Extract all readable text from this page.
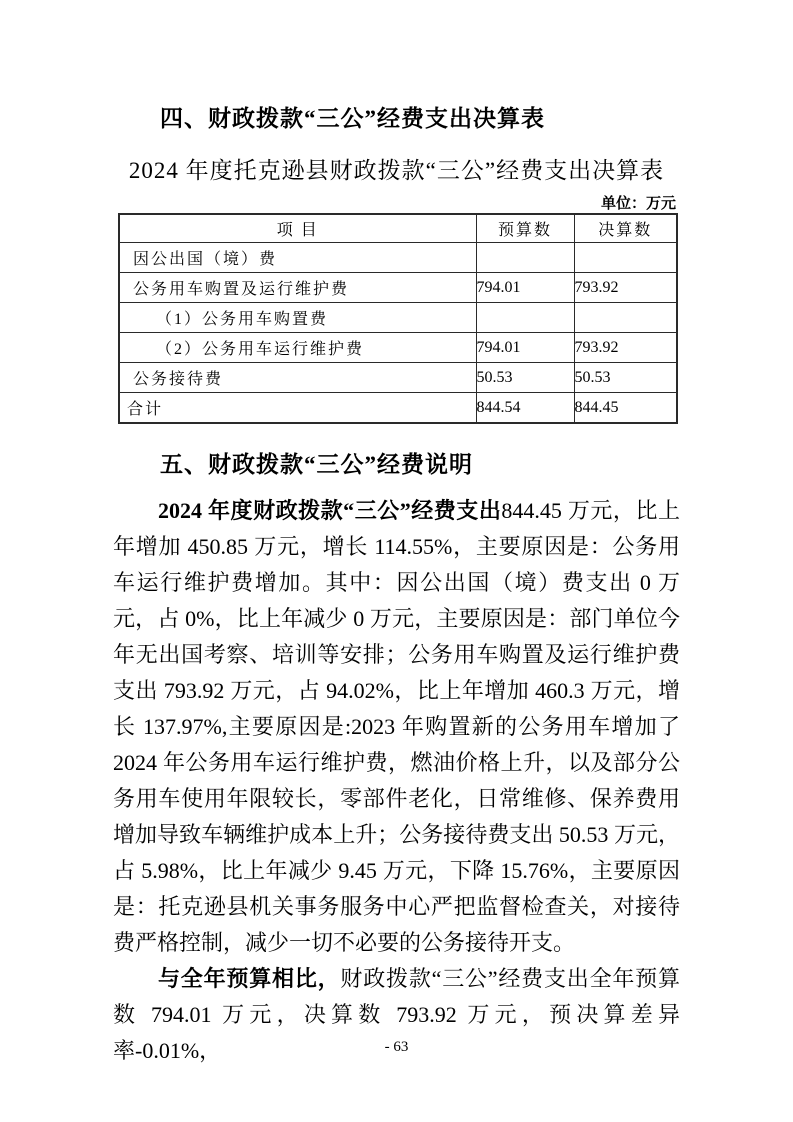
四、财政拨款“三公”经费支出决算表
2024 年度托克逊县财政拨款“三公”经费支出决算表
单位：万元
项 目	预算数	决算数
因公出国（境）费		
公务用车购置及运行维护费	794.01	793.92
（1）公务用车购置费		
（2）公务用车运行维护费	794.01	793.92
公务接待费	50.53	50.53
合计	844.54	844.45
五、财政拨款“三公”经费说明

2024 年度财政拨款“三公”经费支出844.45 万元，比上年增加 450.85 万元，增长 114.55%，主要原因是：公务用车运行维护费增加。其中：因公出国（境）费支出 0 万元，占 0%，比上年减少 0 万元，主要原因是：部门单位今年无出国考察、培训等安排；公务用车购置及运行维护费支出 793.92 万元，占 94.02%，比上年增加 460.3 万元，增长 137.97%,主要原因是:2023 年购置新的公务用车增加了 2024 年公务用车运行维护费，燃油价格上升，以及部分公务用车使用年限较长，零部件老化，日常维修、保养费用增加导致车辆维护成本上升；公务接待费支出 50.53 万元，占 5.98%，比上年减少 9.45 万元，下降 15.76%，主要原因是：托克逊县机关事务服务中心严把监督检查关，对接待费严格控制，减少一切不必要的公务接待开支。

与全年预算相比，财政拨款“三公”经费支出全年预算数 794.01 万元，决算数 793.92 万元，预决算差异率-0.01%，	- 63
